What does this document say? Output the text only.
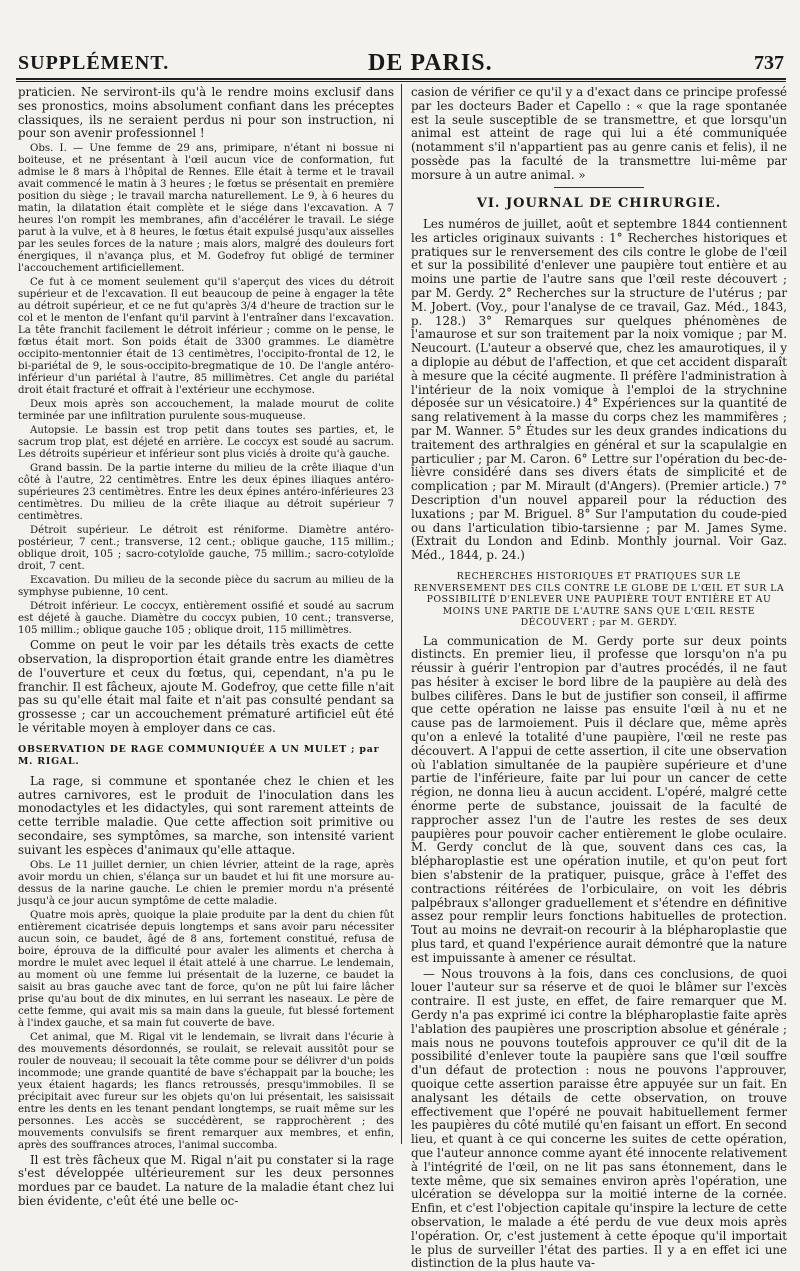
SUPPLÉMENT.	DE PARIS.	737

praticien. Ne serviront-ils qu'à le rendre moins exclusif dans ses pronostics, moins absolument confiant dans les préceptes classiques, ils ne seraient perdus ni pour son instruction, ni pour son avenir professionnel !

Obs. I. — Une femme de 29 ans, primipare, n'étant ni bossue ni boiteuse, et ne présentant à l'œil aucun vice de conformation, fut admise le 8 mars à l'hôpital de Rennes. Elle était à terme et le travail avait commencé le matin à 3 heures ; le fœtus se présentait en première position du siège ; le travail marcha naturellement. Le 9, à 6 heures du matin, la dilatation était complète et le siége dans l'excavation. A 7 heures l'on rompit les membranes, afin d'accélérer le travail. Le siége parut à la vulve, et à 8 heures, le fœtus était expulsé jusqu'aux aisselles par les seules forces de la nature ; mais alors, malgré des douleurs fort énergiques, il n'avança plus, et M. Godefroy fut obligé de terminer l'accouchement artificiellement.

Ce fut à ce moment seulement qu'il s'aperçut des vices du détroit supérieur et de l'excavation. Il eut beaucoup de peine à engager la tête au détroit supérieur, et ce ne fut qu'après 3/4 d'heure de traction sur le col et le menton de l'enfant qu'il parvint à l'entraîner dans l'excavation. La tête franchit facilement le détroit inférieur ; comme on le pense, le fœtus était mort. Son poids était de 3300 grammes. Le diamètre occipito-mentonnier était de 13 centimètres, l'occipito-frontal de 12, le bi-pariétal de 9, le sous-occipito-bregmatique de 10. De l'angle antéro-inférieur d'un pariétal à l'autre, 85 millimètres. Cet angle du pariétal droit était fracturé et offrait à l'extérieur une ecchymose.

Deux mois après son accouchement, la malade mourut de colite terminée par une infiltration purulente sous-muqueuse.

Autopsie. Le bassin est trop petit dans toutes ses parties, et, le sacrum trop plat, est déjeté en arrière. Le coccyx est soudé au sacrum. Les détroits supérieur et inférieur sont plus viciés à droite qu'à gauche.

Grand bassin. De la partie interne du milieu de la crête iliaque d'un côté à l'autre, 22 centimètres. Entre les deux épines iliaques antéro-supérieures 23 centimètres. Entre les deux épines antéro-inférieures 23 centimètres. Du milieu de la crête iliaque au détroit supérieur 7 centimètres.

Détroit supérieur. Le détroit est réniforme. Diamètre antéro-postérieur, 7 cent.; transverse, 12 cent.; oblique gauche, 115 millim.; oblique droit, 105 ; sacro-cotyloïde gauche, 75 millim.; sacro-cotyloïde droit, 7 cent.

Excavation. Du milieu de la seconde pièce du sacrum au milieu de la symphyse pubienne, 10 cent.

Détroit inférieur. Le coccyx, entièrement ossifié et soudé au sacrum est déjeté à gauche. Diamètre du coccyx pubien, 10 cent.; transverse, 105 millim.; oblique gauche 105 ; oblique droit, 115 millimètres.

Comme on peut le voir par les détails très exacts de cette observation, la disproportion était grande entre les diamètres de l'ouverture et ceux du fœtus, qui, cependant, n'a pu le franchir. Il est fâcheux, ajoute M. Godefroy, que cette fille n'ait pas su qu'elle était mal faite et n'ait pas consulté pendant sa grossesse ; car un accouchement prématuré artificiel eût été le véritable moyen à employer dans ce cas.

OBSERVATION DE RAGE COMMUNIQUÉE A UN MULET ; par M. RIGAL.

La rage, si commune et spontanée chez le chien et les autres carnivores, est le produit de l'inoculation dans les monodactyles et les didactyles, qui sont rarement atteints de cette terrible maladie. Que cette affection soit primitive ou secondaire, ses symptômes, sa marche, son intensité varient suivant les espèces d'animaux qu'elle attaque.

Obs. Le 11 juillet dernier, un chien lévrier, atteint de la rage, après avoir mordu un chien, s'élança sur un baudet et lui fit une morsure au-dessus de la narine gauche. Le chien le premier mordu n'a présenté jusqu'à ce jour aucun symptôme de cette maladie.

Quatre mois après, quoique la plaie produite par la dent du chien fût entièrement cicatrisée depuis longtemps et sans avoir paru nécessiter aucun soin, ce baudet, âgé de 8 ans, fortement constitué, refusa de boire, éprouva de la difficulté pour avaler les aliments et chercha à mordre le mulet avec lequel il était attelé à une charrue. Le lendemain, au moment où une femme lui présentait de la luzerne, ce baudet la saisit au bras gauche avec tant de force, qu'on ne pût lui faire lâcher prise qu'au bout de dix minutes, en lui serrant les naseaux. Le père de cette femme, qui avait mis sa main dans la gueule, fut blessé fortement à l'index gauche, et sa main fut couverte de bave.

Cet animal, que M. Rigal vit le lendemain, se livrait dans l'écurie à des mouvements désordonnés, se roulait, se relevait aussitôt pour se rouler de nouveau; il secouait la tête comme pour se délivrer d'un poids incommode; une grande quantité de bave s'échappait par la bouche; les yeux étaient hagards; les flancs retroussés, presqu'immobiles. Il se précipitait avec fureur sur les objets qu'on lui présentait, les saisissait entre les dents en les tenant pendant longtemps, se ruait même sur les personnes. Les accès se succédèrent, se rapprochèrent ; des mouvements convulsifs se firent remarquer aux membres, et enfin, après des souffrances atroces, l'animal succomba.

Il est très fâcheux que M. Rigal n'ait pu constater si la rage s'est développée ultérieurement sur les deux personnes mordues par ce baudet. La nature de la maladie étant chez lui bien évidente, c'eût été une belle oc-

casion de vérifier ce qu'il y a d'exact dans ce principe professé par les docteurs Bader et Capello : « que la rage spontanée est la seule susceptible de se transmettre, et que lorsqu'un animal est atteint de rage qui lui a été communiquée (notamment s'il n'appartient pas au genre canis et felis), il ne possède pas la faculté de la transmettre lui-même par morsure à un autre animal. »

VI. JOURNAL DE CHIRURGIE.

Les numéros de juillet, août et septembre 1844 contiennent les articles originaux suivants : 1° Recherches historiques et pratiques sur le renversement des cils contre le globe de l'œil et sur la possibilité d'enlever une paupière tout entière et au moins une partie de l'autre sans que l'œil reste découvert ; par M. Gerdy. 2° Recherches sur la structure de l'utérus ; par M. Jobert. (Voy., pour l'analyse de ce travail, Gaz. Méd., 1843, p. 128.) 3° Remarques sur quelques phénomènes de l'amaurose et sur son traitement par la noix vomique ; par M. Neucourt. (L'auteur a observé que, chez les amaurotiques, il y a diplopie au début de l'affection, et que cet accident disparaît à mesure que la cécité augmente. Il préfère l'administration à l'intérieur de la noix vomique à l'emploi de la strychnine déposée sur un vésicatoire.) 4° Expériences sur la quantité de sang relativement à la masse du corps chez les mammifères ; par M. Wanner. 5° Études sur les deux grandes indications du traitement des arthralgies en général et sur la scapulalgie en particulier ; par M. Caron. 6° Lettre sur l'opération du bec-de-lièvre considéré dans ses divers états de simplicité et de complication ; par M. Mirault (d'Angers). (Premier article.) 7° Description d'un nouvel appareil pour la réduction des luxations ; par M. Briguel. 8° Sur l'amputation du coude-pied ou dans l'articulation tibio-tarsienne ; par M. James Syme. (Extrait du London and Edinb. Monthly journal. Voir Gaz. Méd., 1844, p. 24.)

RECHERCHES HISTORIQUES ET PRATIQUES SUR LE RENVERSEMENT DES CILS CONTRE LE GLOBE DE L'ŒIL ET SUR LA POSSIBILITÉ D'ENLEVER UNE PAUPIÈRE TOUT ENTIÈRE ET AU MOINS UNE PARTIE DE L'AUTRE SANS QUE L'ŒIL RESTE DÉCOUVERT ; par M. GERDY.

La communication de M. Gerdy porte sur deux points distincts. En premier lieu, il professe que lorsqu'on n'a pu réussir à guérir l'entropion par d'autres procédés, il ne faut pas hésiter à exciser le bord libre de la paupière au delà des bulbes cilifères. Dans le but de justifier son conseil, il affirme que cette opération ne laisse pas ensuite l'œil à nu et ne cause pas de larmoiement. Puis il déclare que, même après qu'on a enlevé la totalité d'une paupière, l'œil ne reste pas découvert. A l'appui de cette assertion, il cite une observation où l'ablation simultanée de la paupière supérieure et d'une partie de l'inférieure, faite par lui pour un cancer de cette région, ne donna lieu à aucun accident. L'opéré, malgré cette énorme perte de substance, jouissait de la faculté de rapprocher assez l'un de l'autre les restes de ses deux paupières pour pouvoir cacher entièrement le globe oculaire. M. Gerdy conclut de là que, souvent dans ces cas, la blépharoplastie est une opération inutile, et qu'on peut fort bien s'abstenir de la pratiquer, puisque, grâce à l'effet des contractions réitérées de l'orbiculaire, on voit les débris palpébraux s'allonger graduellement et s'étendre en définitive assez pour remplir leurs fonctions habituelles de protection. Tout au moins ne devrait-on recourir à la blépharoplastie que plus tard, et quand l'expérience aurait démontré que la nature est impuissante à amener ce résultat.

— Nous trouvons à la fois, dans ces conclusions, de quoi louer l'auteur sur sa réserve et de quoi le blâmer sur l'excès contraire. Il est juste, en effet, de faire remarquer que M. Gerdy n'a pas exprimé ici contre la blépharoplastie faite après l'ablation des paupières une proscription absolue et générale ; mais nous ne pouvons toutefois approuver ce qu'il dit de la possibilité d'enlever toute la paupière sans que l'œil souffre d'un défaut de protection : nous ne pouvons l'approuver, quoique cette assertion paraisse être appuyée sur un fait. En analysant les détails de cette observation, on trouve effectivement que l'opéré ne pouvait habituellement fermer les paupières du côté mutilé qu'en faisant un effort. En second lieu, et quant à ce qui concerne les suites de cette opération, que l'auteur annonce comme ayant été innocente relativement à l'intégrité de l'œil, on ne lit pas sans étonnement, dans le texte même, que six semaines environ après l'opération, une ulcération se développa sur la moitié interne de la cornée. Enfin, et c'est l'objection capitale qu'inspire la lecture de cette observation, le malade a été perdu de vue deux mois après l'opération. Or, c'est justement à cette époque qu'il importait le plus de surveiller l'état des parties. Il y a en effet ici une distinction de la plus haute va-
